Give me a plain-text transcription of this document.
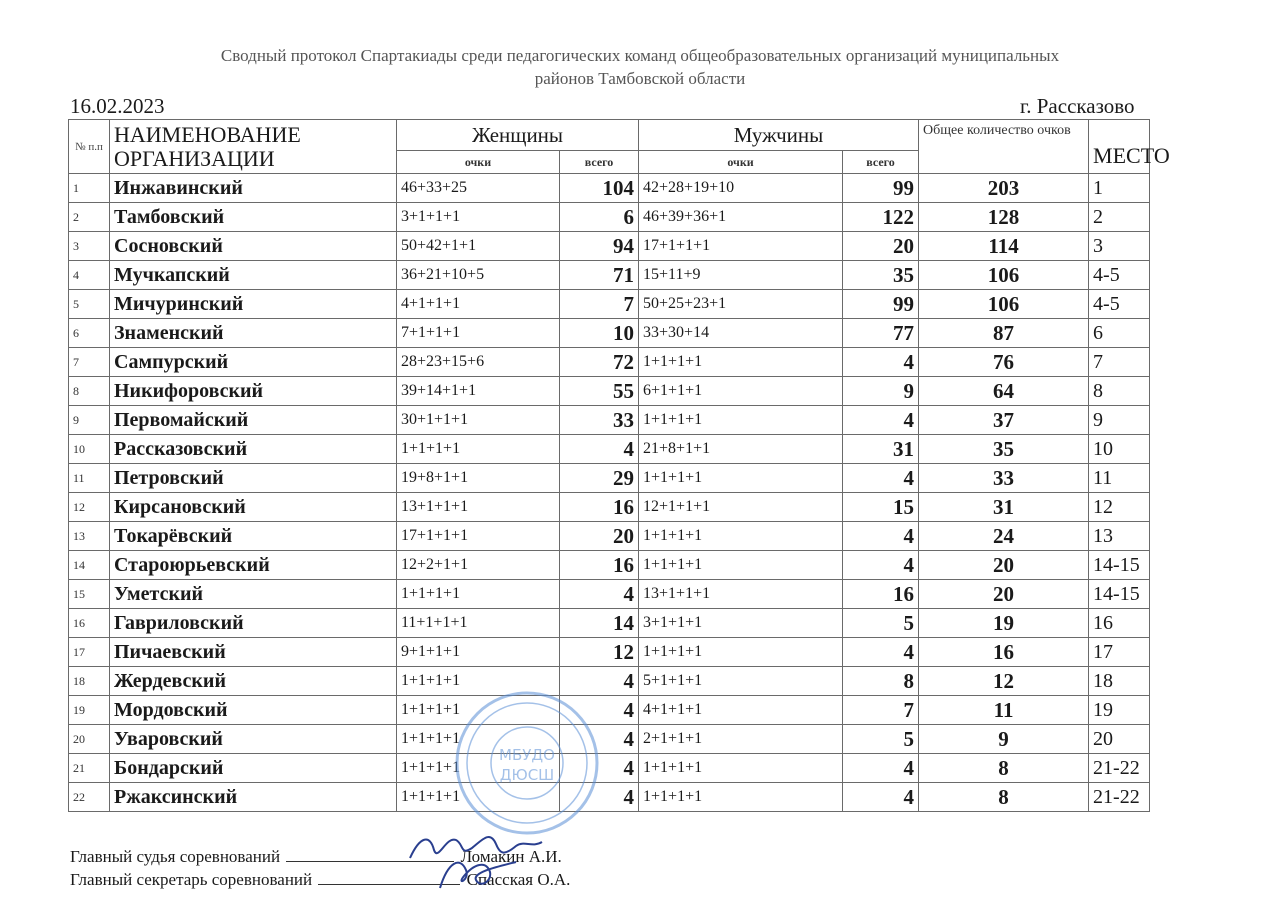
Сводный протокол Спартакиады среди педагогических команд общеобразовательных организаций муниципальных
районов Тамбовской области
16.02.2023	г. Рассказово
№ п.п	НАИМЕНОВАНИЕ ОРГАНИЗАЦИИ	Женщины		Мужчины		Общее количество очков	МЕСТО
		очки	всего	очки	всего		
1	Инжавинский	46+33+25	104	42+28+19+10	99	203	1
2	Тамбовский	3+1+1+1	6	46+39+36+1	122	128	2
3	Сосновский	50+42+1+1	94	17+1+1+1	20	114	3
4	Мучкапский	36+21+10+5	71	15+11+9	35	106	4-5
5	Мичуринский	4+1+1+1	7	50+25+23+1	99	106	4-5
6	Знаменский	7+1+1+1	10	33+30+14	77	87	6
7	Сампурский	28+23+15+6	72	1+1+1+1	4	76	7
8	Никифоровский	39+14+1+1	55	6+1+1+1	9	64	8
9	Первомайский	30+1+1+1	33	1+1+1+1	4	37	9
10	Рассказовский	1+1+1+1	4	21+8+1+1	31	35	10
11	Петровский	19+8+1+1	29	1+1+1+1	4	33	11
12	Кирсановский	13+1+1+1	16	12+1+1+1	15	31	12
13	Токарёвский	17+1+1+1	20	1+1+1+1	4	24	13
14	Староюрьевский	12+2+1+1	16	1+1+1+1	4	20	14-15
15	Уметский	1+1+1+1	4	13+1+1+1	16	20	14-15
16	Гавриловский	11+1+1+1	14	3+1+1+1	5	19	16
17	Пичаевский	9+1+1+1	12	1+1+1+1	4	16	17
18	Жердевский	1+1+1+1	4	5+1+1+1	8	12	18
19	Мордовский	1+1+1+1	4	4+1+1+1	7	11	19
20	Уваровский	1+1+1+1	4	2+1+1+1	5	9	20
21	Бондарский	1+1+1+1	4	1+1+1+1	4	8	21-22
22	Ржаксинский	1+1+1+1	4	1+1+1+1	4	8	21-22
МБУДО
ДЮСШ
Главный судья соревнований	Ломакин А.И.
Главный секретарь соревнований	Спасская О.А.
